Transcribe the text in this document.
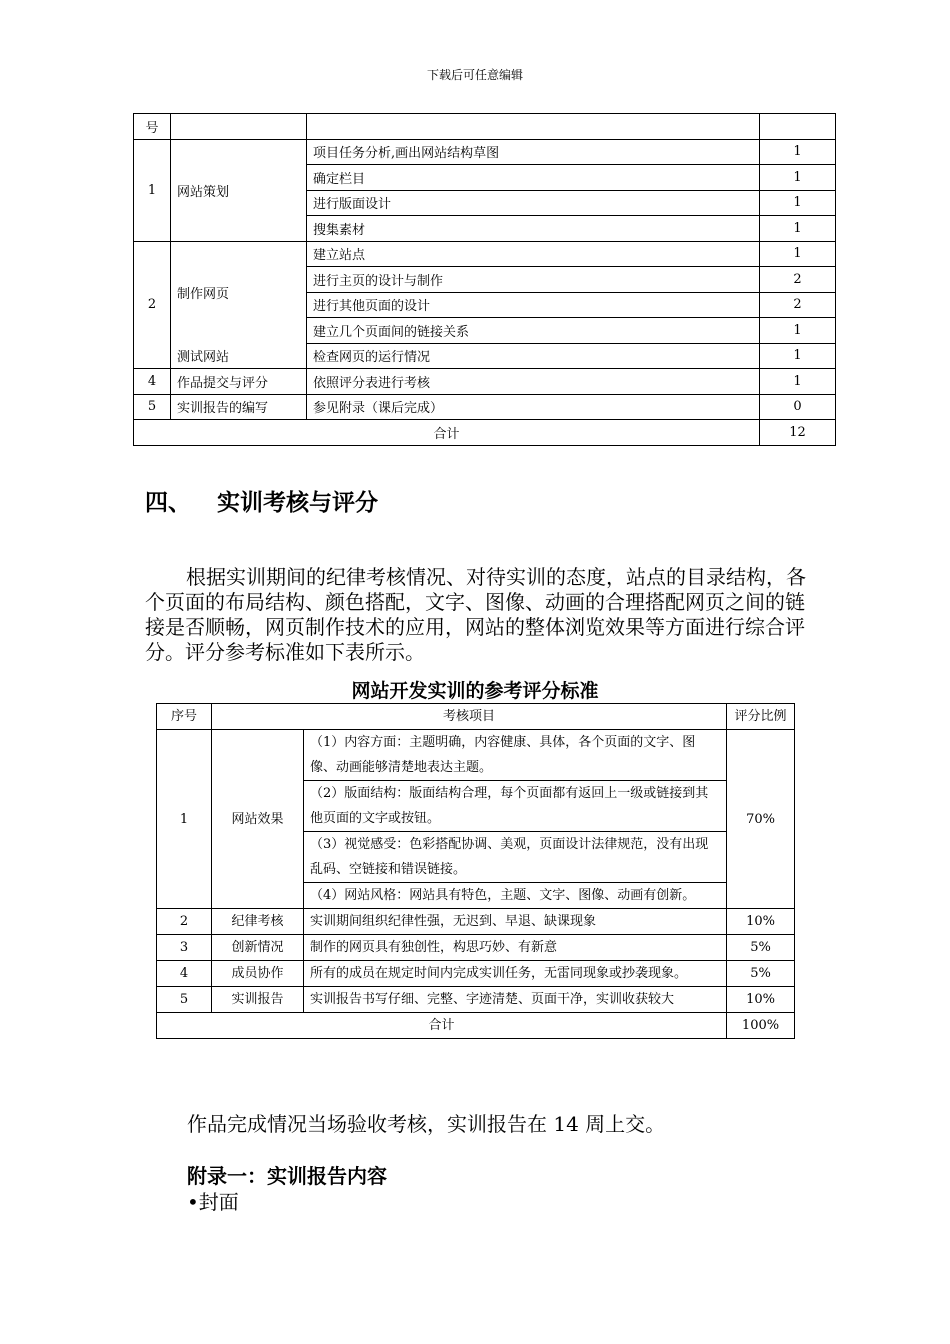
下载后可任意编辑
号			
1	网站策划	项目任务分析,画出网站结构草图	1
		确定栏目	1
		进行版面设计	1
		搜集素材	1
2	制作网页	建立站点	1
		进行主页的设计与制作	2
		进行其他页面的设计	2
		建立几个页面间的链接关系	1
	测试网站	检查网页的运行情况	1
4	作品提交与评分	依照评分表进行考核	1
5	实训报告的编写	参见附录（课后完成）	0
合计			12
四、 实训考核与评分

根据实训期间的纪律考核情况、对待实训的态度，站点的目录结构，各个页面的布局结构、颜色搭配，文字、图像、动画的合理搭配网页之间的链接是否顺畅，网页制作技术的应用，网站的整体浏览效果等方面进行综合评分。评分参考标准如下表所示。

网站开发实训的参考评分标准
序号	考核项目		评分比例
1	网站效果	（1）内容方面：主题明确，内容健康、具体，各个页面的文字、图像、动画能够清楚地表达主题。	70%
		（2）版面结构：版面结构合理，每个页面都有返回上一级或链接到其他页面的文字或按钮。	
		（3）视觉感受：色彩搭配协调、美观，页面设计法律规范，没有出现乱码、空链接和错误链接。	
		（4）网站风格：网站具有特色，主题、文字、图像、动画有创新。	
2	纪律考核	实训期间组织纪律性强，无迟到、早退、缺课现象	10%
3	创新情况	制作的网页具有独创性，构思巧妙、有新意	5%
4	成员协作	所有的成员在规定时间内完成实训任务，无雷同现象或抄袭现象。	5%
5	实训报告	实训报告书写仔细、完整、字迹清楚、页面干净，实训收获较大	10%
合计			100%
作品完成情况当场验收考核，实训报告在 14 周上交。
附录一：实训报告内容
•封面
